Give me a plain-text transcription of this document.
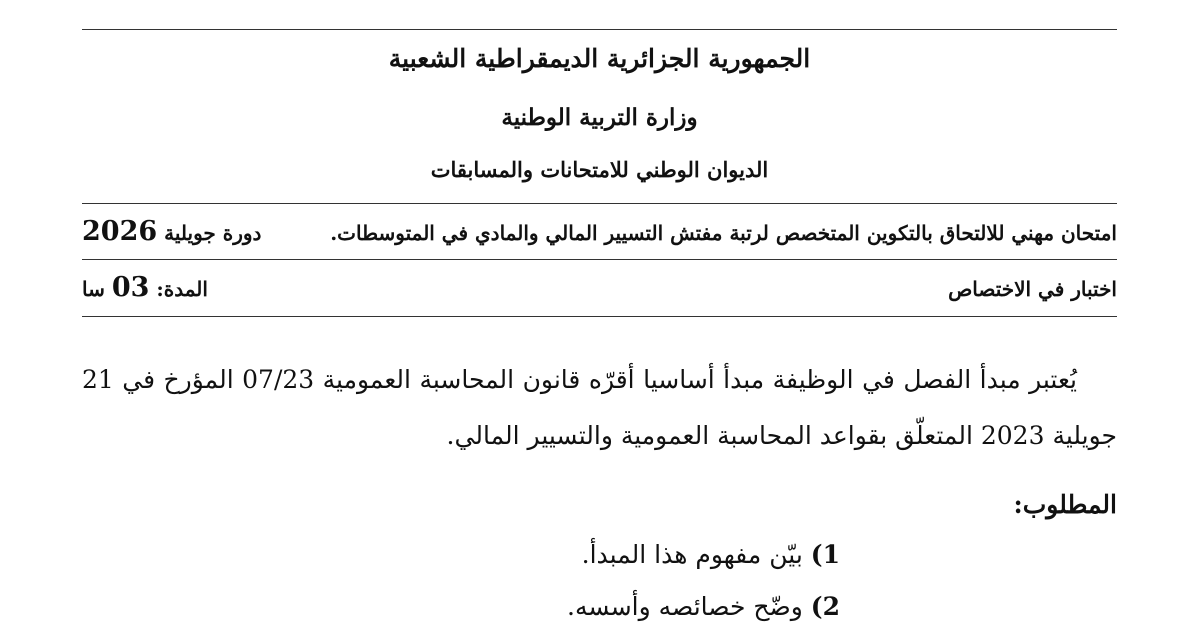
الجمهورية الجزائرية الديمقراطية الشعبية
وزارة التربية الوطنية
الديوان الوطني للامتحانات والمسابقات
امتحان مهني للالتحاق بالتكوين المتخصص لرتبة مفتش التسيير المالي والمادي في المتوسطات.
دورة جويلية 2026
اختبار في الاختصاص
المدة: 03 سا
يُعتبر مبدأ الفصل في الوظيفة مبدأ أساسيا أقرّه قانون المحاسبة العمومية 07/23 المؤرخ في 21 جويلية 2023 المتعلّق بقواعد المحاسبة العمومية والتسيير المالي.
المطلوب:
1) بيّن مفهوم هذا المبدأ.
2) وضّح خصائصه وأسسه.
